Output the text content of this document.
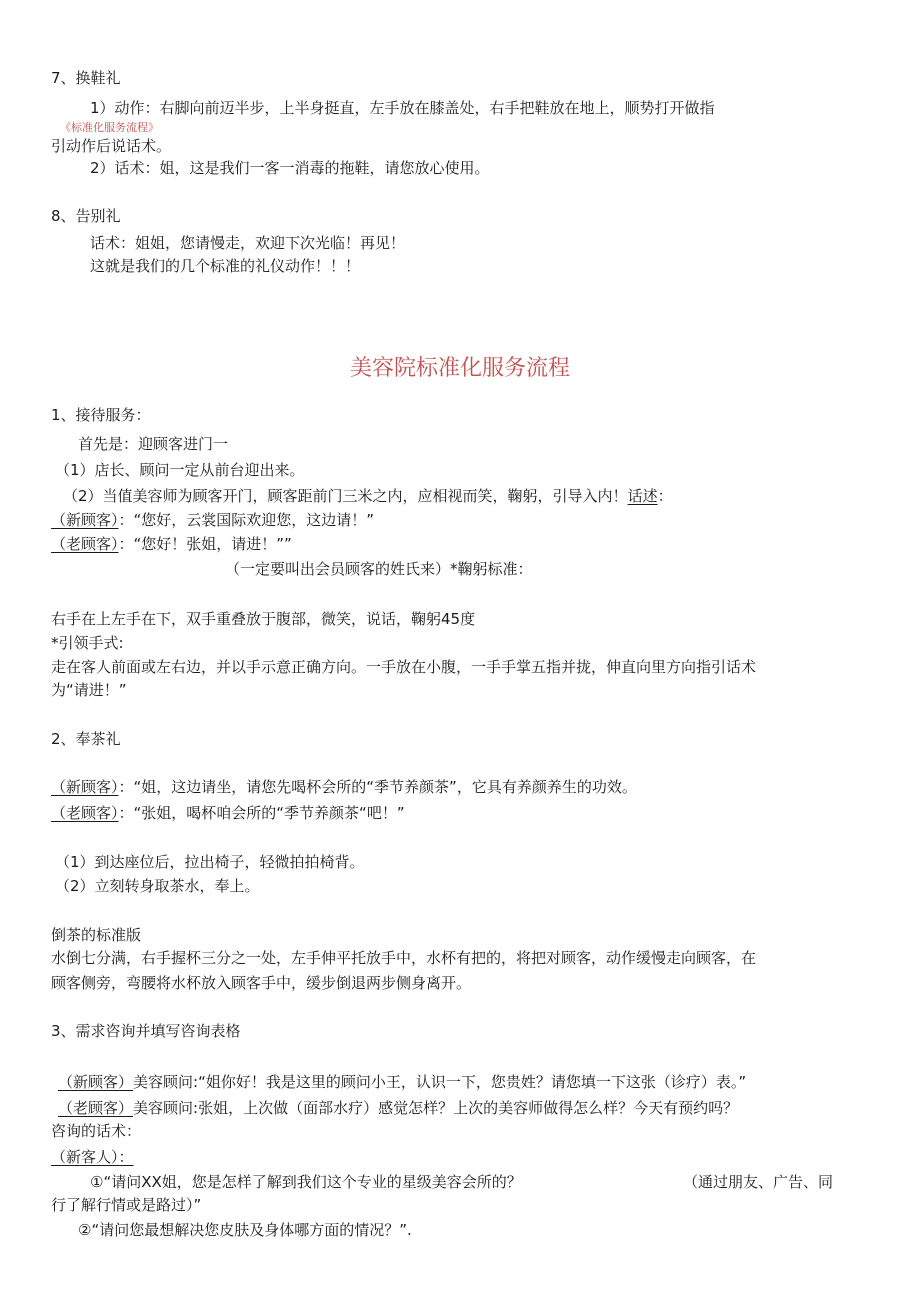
7、换鞋礼
1）动作：右脚向前迈半步，上半身挺直，左手放在膝盖处，右手把鞋放在地上，顺势打开做指
《标准化服务流程》
引动作后说话术。
2）话术：姐，这是我们一客一消毒的拖鞋，请您放心使用。
8、告别礼
话术：姐姐，您请慢走，欢迎下次光临！再见！
这就是我们的几个标准的礼仪动作！！！
美容院标准化服务流程
1、接待服务：
首先是：迎顾客进门一
（1）店长、顾问一定从前台迎出来。
（2）当值美容师为顾客开门，顾客距前门三米之内，应相视而笑，鞠躬，引导入内！话述：
（新顾客）：“您好，云裳国际欢迎您，这边请！”
（老顾客）：“您好！张姐，请进！””
（一定要叫出会员顾客的姓氏来）*鞠躬标准：
右手在上左手在下，双手重叠放于腹部，微笑，说话，鞠躬45度
*引领手式:
走在客人前面或左右边，并以手示意正确方向。一手放在小腹，一手手掌五指并拢，伸直向里方向指引话术
为“请进！”
2、奉茶礼
（新顾客）：“姐，这边请坐，请您先喝杯会所的“季节养颜茶”，它具有养颜养生的功效。
（老顾客）：“张姐，喝杯咱会所的“季节养颜茶“吧！”
（1）到达座位后，拉出椅子，轻微拍拍椅背。
（2）立刻转身取茶水，奉上。
倒茶的标准版
水倒七分满，右手握杯三分之一处，左手伸平托放手中，水杯有把的，将把对顾客，动作缓慢走向顾客，在
顾客侧旁，弯腰将水杯放入顾客手中，缓步倒退两步侧身离开。
3、需求咨询并填写咨询表格
（新顾客）美容顾问:“姐你好！我是这里的顾问小王，认识一下，您贵姓？请您填一下这张（诊疗）表。”
（老顾客）美容顾问:张姐，上次做（面部水疗）感觉怎样？上次的美容师做得怎么样？今天有预约吗？
咨询的话术：
（新客人）：
①“请问XX姐，您是怎样了解到我们这个专业的星级美容会所的？	（通过朋友、广告、同
行了解行情或是路过）”
②“请问您最想解决您皮肤及身体哪方面的情况？”.
